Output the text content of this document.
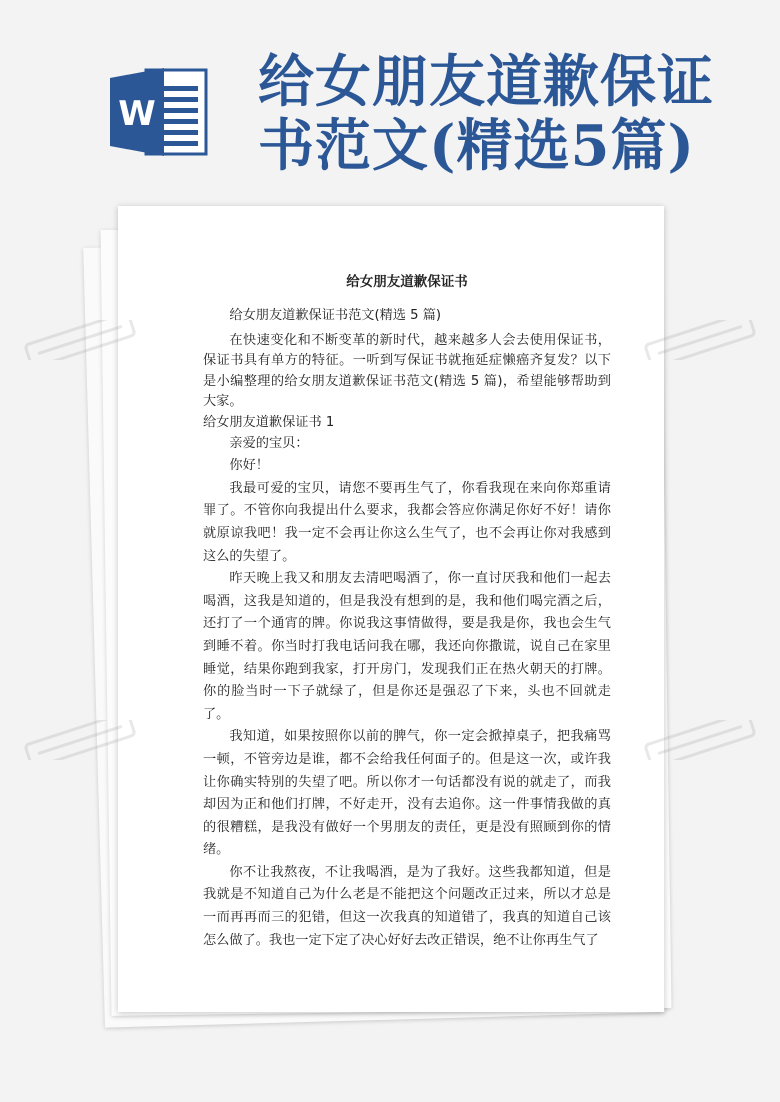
W 给女朋友道歉保证书范文(精选5篇)
给女朋友道歉保证书

给女朋友道歉保证书范文(精选 5 篇)

在快速变化和不断变革的新时代，越来越多人会去使用保证书，保证书具有单方的特征。一听到写保证书就拖延症懒癌齐复发？以下是小编整理的给女朋友道歉保证书范文(精选 5 篇)，希望能够帮助到大家。

给女朋友道歉保证书 1

亲爱的宝贝：

你好！

我最可爱的宝贝，请您不要再生气了，你看我现在来向你郑重请罪了。不管你向我提出什么要求，我都会答应你满足你好不好！请你就原谅我吧！我一定不会再让你这么生气了，也不会再让你对我感到这么的失望了。

昨天晚上我又和朋友去清吧喝酒了，你一直讨厌我和他们一起去喝酒，这我是知道的，但是我没有想到的是，我和他们喝完酒之后，还打了一个通宵的牌。你说我这事情做得，要是我是你，我也会生气到睡不着。你当时打我电话问我在哪，我还向你撒谎，说自己在家里睡觉，结果你跑到我家，打开房门，发现我们正在热火朝天的打牌。你的脸当时一下子就绿了，但是你还是强忍了下来，头也不回就走了。

我知道，如果按照你以前的脾气，你一定会掀掉桌子，把我痛骂一顿，不管旁边是谁，都不会给我任何面子的。但是这一次，或许我让你确实特别的失望了吧。所以你才一句话都没有说的就走了，而我却因为正和他们打牌，不好走开，没有去追你。这一件事情我做的真的很糟糕，是我没有做好一个男朋友的责任，更是没有照顾到你的情绪。

你不让我熬夜，不让我喝酒，是为了我好。这些我都知道，但是我就是不知道自己为什么老是不能把这个问题改正过来，所以才总是一而再再而三的犯错，但这一次我真的知道错了，我真的知道自己该怎么做了。我也一定下定了决心好好去改正错误，绝不让你再生气了
